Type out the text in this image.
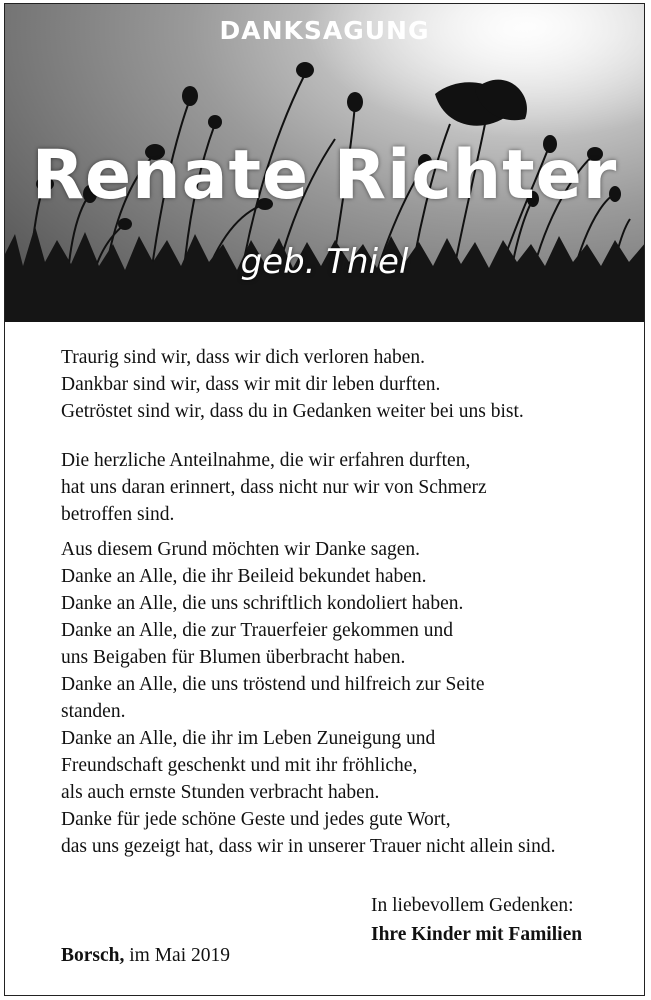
DANKSAGUNG
Renate Richter
geb. Thiel
Traurig sind wir, dass wir dich verloren haben.
Dankbar sind wir, dass wir mit dir leben durften.
Getröstet sind wir, dass du in Gedanken weiter bei uns bist.
Die herzliche Anteilnahme, die wir erfahren durften,
hat uns daran erinnert, dass nicht nur wir von Schmerz
betroffen sind.
Aus diesem Grund möchten wir Danke sagen.
Danke an Alle, die ihr Beileid bekundet haben.
Danke an Alle, die uns schriftlich kondoliert haben.
Danke an Alle, die zur Trauerfeier gekommen und
uns Beigaben für Blumen überbracht haben.
Danke an Alle, die uns tröstend und hilfreich zur Seite
standen.
Danke an Alle, die ihr im Leben Zuneigung und
Freundschaft geschenkt und mit ihr fröhliche,
als auch ernste Stunden verbracht haben.
Danke für jede schöne Geste und jedes gute Wort,
das uns gezeigt hat, dass wir in unserer Trauer nicht allein sind.
In liebevollem Gedenken:
Ihre Kinder mit Familien
Borsch, im Mai 2019
